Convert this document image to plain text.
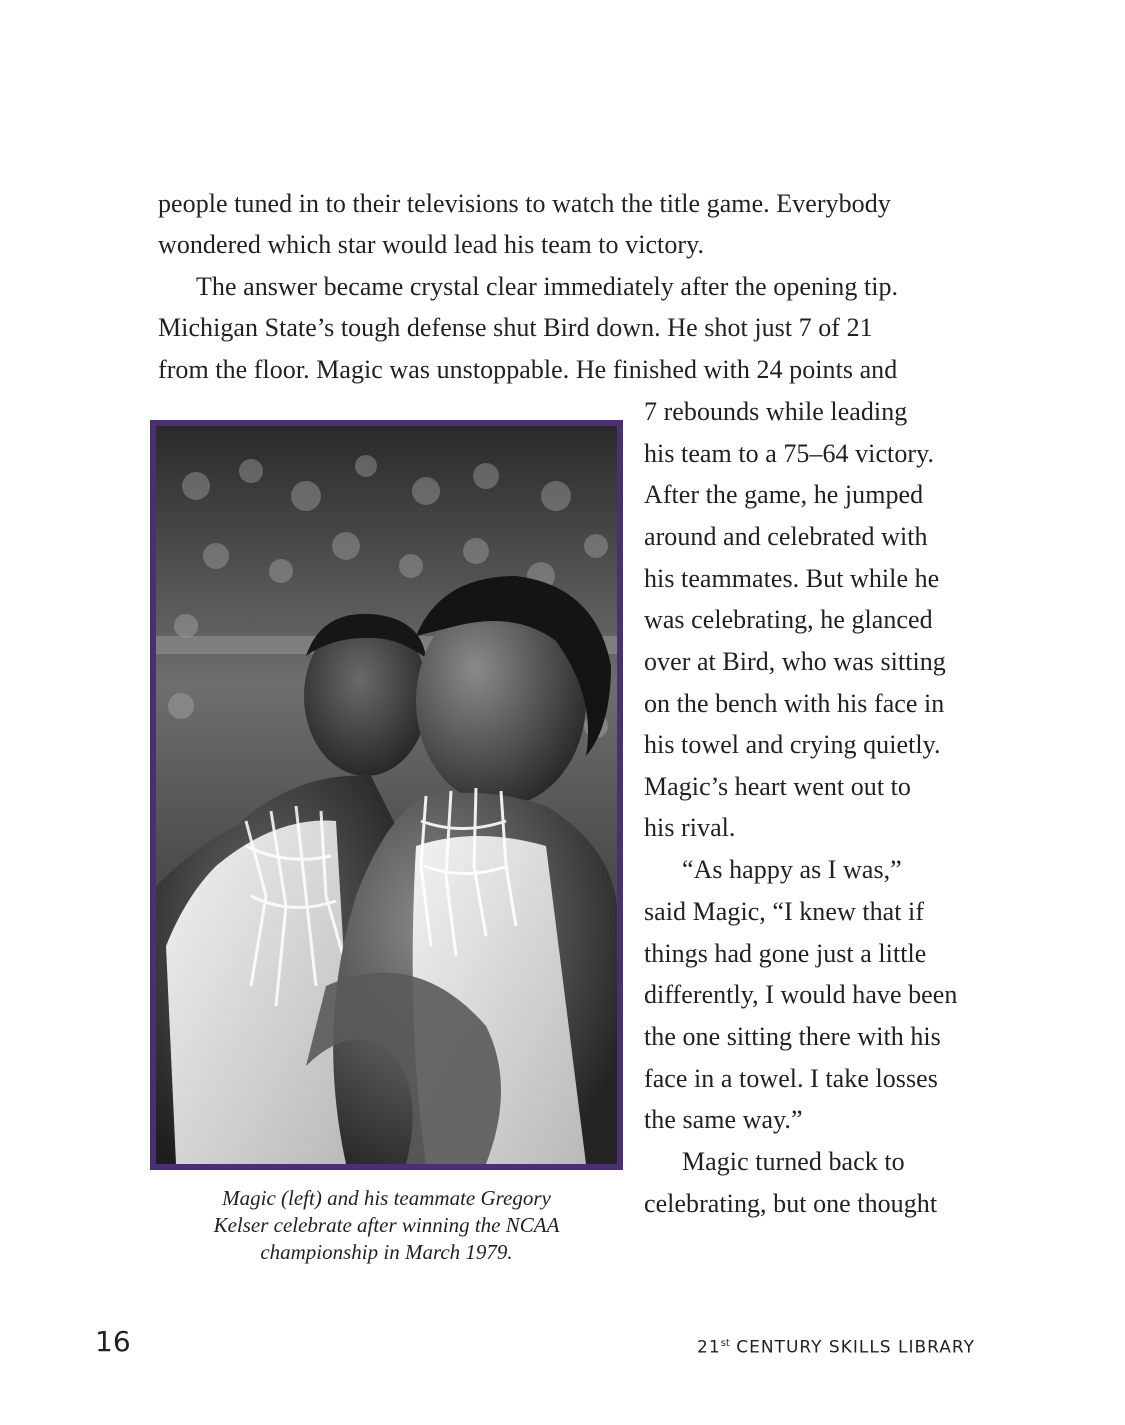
people tuned in to their televisions to watch the title game. Everybody
wondered which star would lead his team to victory.
The answer became crystal clear immediately after the opening tip.
Michigan State’s tough defense shut Bird down. He shot just 7 of 21
from the floor. Magic was unstoppable. He finished with 24 points and
7 rebounds while leading
his team to a 75–64 victory.
After the game, he jumped
around and celebrated with
his teammates. But while he
was celebrating, he glanced
over at Bird, who was sitting
on the bench with his face in
his towel and crying quietly.
Magic’s heart went out to
his rival.
“As happy as I was,”
said Magic, “I knew that if
things had gone just a little
differently, I would have been
the one sitting there with his
face in a towel. I take losses
the same way.”
Magic turned back to
celebrating, but one thought
Magic (left) and his teammate Gregory
Kelser celebrate after winning the NCAA
championship in March 1979.
16	21st CENTURY SKILLS LIBRARY
